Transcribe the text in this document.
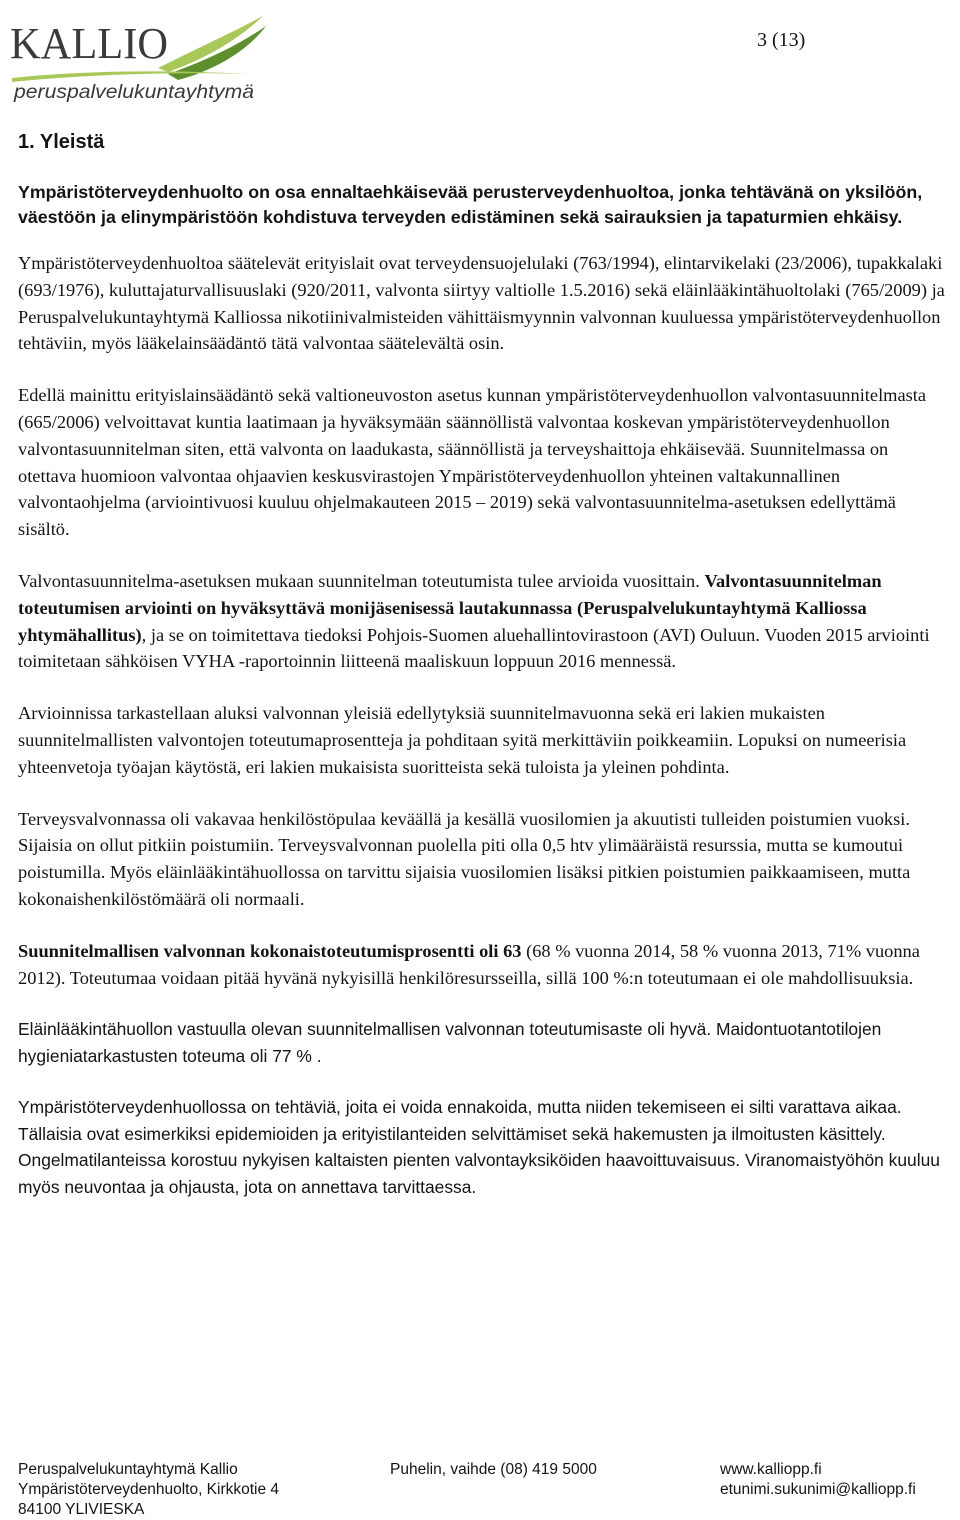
KALLIO
peruspalvelukuntayhtymä
3 (13)
1. Yleistä

Ympäristöterveydenhuolto on osa ennaltaehkäisevää perusterveydenhuoltoa, jonka tehtävänä on yksilöön, väestöön ja elinympäristöön kohdistuva terveyden edistäminen sekä sairauksien ja tapaturmien ehkäisy.

Ympäristöterveydenhuoltoa säätelevät erityislait ovat terveydensuojelulaki (763/1994), elintarvikelaki (23/2006), tupakkalaki (693/1976), kuluttajaturvallisuuslaki (920/2011, valvonta siirtyy valtiolle 1.5.2016) sekä eläinlääkintähuoltolaki (765/2009) ja Peruspalvelukuntayhtymä Kalliossa nikotiinivalmisteiden vähittäismyynnin valvonnan kuuluessa ympäristöterveydenhuollon tehtäviin, myös lääkelainsäädäntö tätä valvontaa säätelevältä osin.

Edellä mainittu erityislainsäädäntö sekä valtioneuvoston asetus kunnan ympäristöterveydenhuollon valvontasuunnitelmasta (665/2006) velvoittavat kuntia laatimaan ja hyväksymään säännöllistä valvontaa koskevan ympäristöterveydenhuollon valvontasuunnitelman siten, että valvonta on laadukasta, säännöllistä ja terveyshaittoja ehkäisevää. Suunnitelmassa on otettava huomioon valvontaa ohjaavien keskusvirastojen Ympäristöterveydenhuollon yhteinen valtakunnallinen valvontaohjelma (arviointivuosi kuuluu ohjelmakauteen 2015 – 2019) sekä valvontasuunnitelma-asetuksen edellyttämä sisältö.

Valvontasuunnitelma-asetuksen mukaan suunnitelman toteutumista tulee arvioida vuosittain. Valvontasuunnitelman toteutumisen arviointi on hyväksyttävä monijäsenisessä lautakunnassa (Peruspalvelukuntayhtymä Kalliossa yhtymähallitus), ja se on toimitettava tiedoksi Pohjois-Suomen aluehallintovirastoon (AVI) Ouluun. Vuoden 2015 arviointi toimitetaan sähköisen VYHA -raportoinnin liitteenä maaliskuun loppuun 2016 mennessä.

Arvioinnissa tarkastellaan aluksi valvonnan yleisiä edellytyksiä suunnitelmavuonna sekä eri lakien mukaisten suunnitelmallisten valvontojen toteutumaprosentteja ja pohditaan syitä merkittäviin poikkeamiin. Lopuksi on numeerisia yhteenvetoja työajan käytöstä, eri lakien mukaisista suoritteista sekä tuloista ja yleinen pohdinta.

Terveysvalvonnassa oli vakavaa henkilöstöpulaa keväällä ja kesällä vuosilomien ja akuutisti tulleiden poistumien vuoksi. Sijaisia on ollut pitkiin poistumiin. Terveysvalvonnan puolella piti olla 0,5 htv ylimääräistä resurssia, mutta se kumoutui poistumilla. Myös eläinlääkintähuollossa on tarvittu sijaisia vuosilomien lisäksi pitkien poistumien paikkaamiseen, mutta kokonaishenkilöstömäärä oli normaali.

Suunnitelmallisen valvonnan kokonaistoteutumisprosentti oli 63 (68 % vuonna 2014, 58 % vuonna 2013, 71% vuonna 2012). Toteutumaa voidaan pitää hyvänä nykyisillä henkilöresursseilla, sillä 100 %:n toteutumaan ei ole mahdollisuuksia.

Eläinlääkintähuollon vastuulla olevan suunnitelmallisen valvonnan toteutumisaste oli hyvä. Maidontuotantotilojen hygieniatarkastusten toteuma oli 77 % .

Ympäristöterveydenhuollossa on tehtäviä, joita ei voida ennakoida, mutta niiden tekemiseen ei silti varattava aikaa. Tällaisia ovat esimerkiksi epidemioiden ja erityistilanteiden selvittämiset sekä hakemusten ja ilmoitusten käsittely. Ongelmatilanteissa korostuu nykyisen kaltaisten pienten valvontayksiköiden haavoittuvaisuus. Viranomaistyöhön kuuluu myös neuvontaa ja ohjausta, jota on annettava tarvittaessa.

Peruspalvelukuntayhtymä Kallio
Ympäristöterveydenhuolto, Kirkkotie 4
84100 YLIVIESKA
Puhelin, vaihde (08) 419 5000	www.kalliopp.fi
etunimi.sukunimi@kalliopp.fi
